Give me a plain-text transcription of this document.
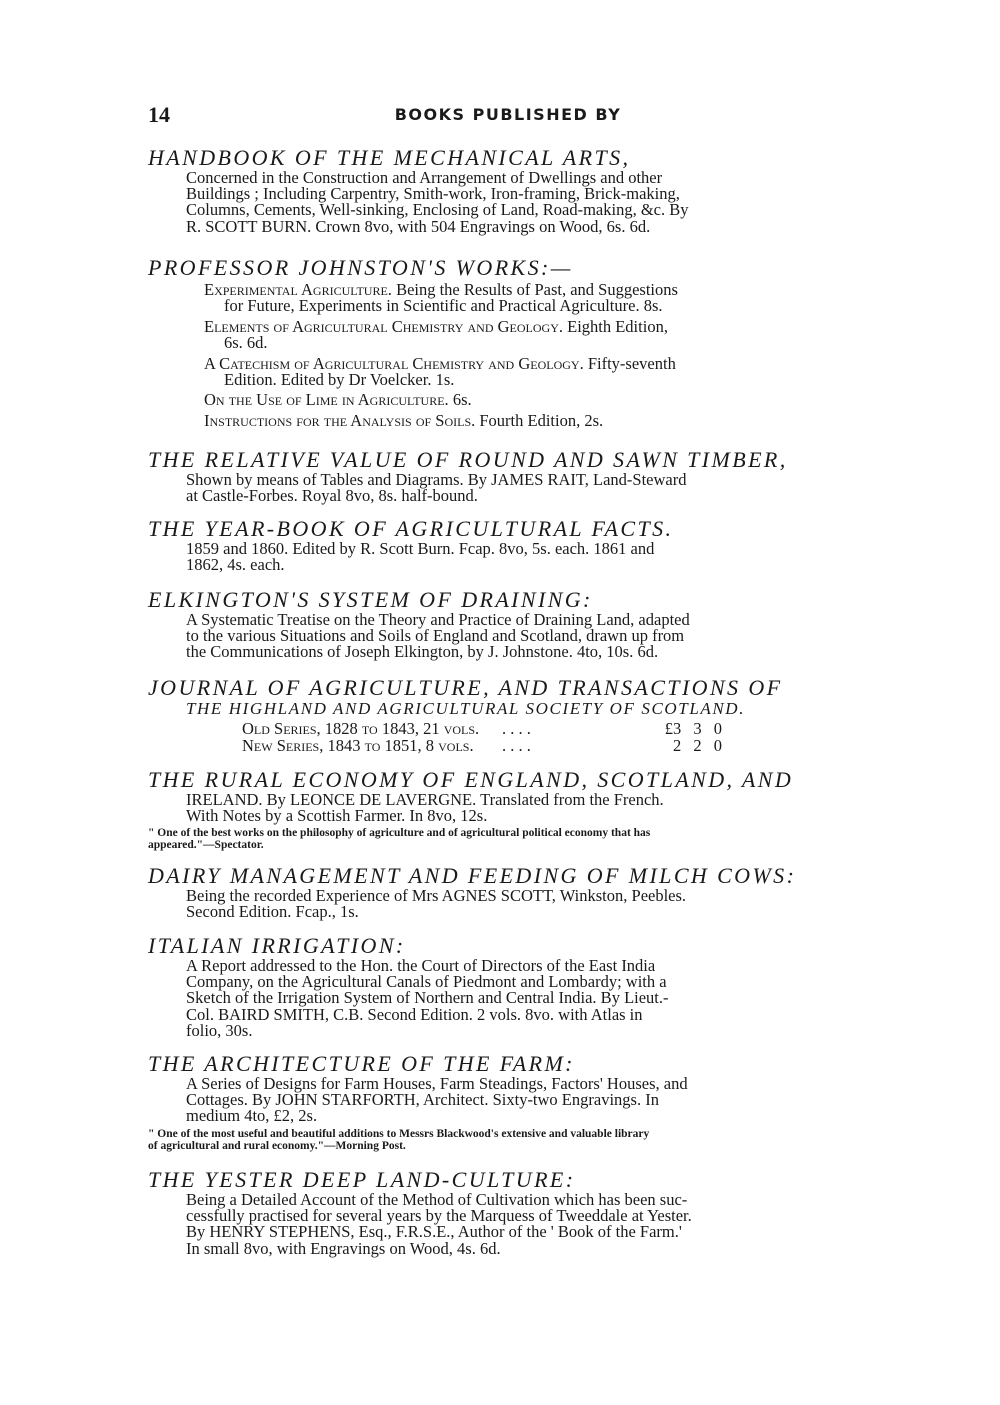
14	BOOKS PUBLISHED BY
HANDBOOK OF THE MECHANICAL ARTS,
Concerned in the Construction and Arrangement of Dwellings and other
Buildings ; Including Carpentry, Smith-work, Iron-framing, Brick-making,
Columns, Cements, Well-sinking, Enclosing of Land, Road-making, &c. By
R. SCOTT BURN. Crown 8vo, with 504 Engravings on Wood, 6s. 6d.
PROFESSOR JOHNSTON'S WORKS:—
Experimental Agriculture. Being the Results of Past, and Suggestions
for Future, Experiments in Scientific and Practical Agriculture. 8s.
Elements of Agricultural Chemistry and Geology. Eighth Edition,
6s. 6d.
A Catechism of Agricultural Chemistry and Geology. Fifty-seventh
Edition. Edited by Dr Voelcker. 1s.
On the Use of Lime in Agriculture. 6s.
Instructions for the Analysis of Soils. Fourth Edition, 2s.
THE RELATIVE VALUE OF ROUND AND SAWN TIMBER,
Shown by means of Tables and Diagrams. By JAMES RAIT, Land-Steward
at Castle-Forbes. Royal 8vo, 8s. half-bound.
THE YEAR-BOOK OF AGRICULTURAL FACTS.
1859 and 1860. Edited by R. Scott Burn. Fcap. 8vo, 5s. each. 1861 and
1862, 4s. each.
ELKINGTON'S SYSTEM OF DRAINING:
A Systematic Treatise on the Theory and Practice of Draining Land, adapted
to the various Situations and Soils of England and Scotland, drawn up from
the Communications of Joseph Elkington, by J. Johnstone. 4to, 10s. 6d.
JOURNAL OF AGRICULTURE, AND TRANSACTIONS OF
THE HIGHLAND AND AGRICULTURAL SOCIETY OF SCOTLAND.
Old Series, 1828 to 1843, 21 vols. . . . .	£3 3 0
New Series, 1843 to 1851, 8 vols. . . . .	2 2 0
THE RURAL ECONOMY OF ENGLAND, SCOTLAND, AND
IRELAND. By LEONCE DE LAVERGNE. Translated from the French.
With Notes by a Scottish Farmer. In 8vo, 12s.
" One of the best works on the philosophy of agriculture and of agricultural political economy that has
appeared."—Spectator.
DAIRY MANAGEMENT AND FEEDING OF MILCH COWS:
Being the recorded Experience of Mrs AGNES SCOTT, Winkston, Peebles.
Second Edition. Fcap., 1s.
ITALIAN IRRIGATION:
A Report addressed to the Hon. the Court of Directors of the East India
Company, on the Agricultural Canals of Piedmont and Lombardy; with a
Sketch of the Irrigation System of Northern and Central India. By Lieut.-
Col. BAIRD SMITH, C.B. Second Edition. 2 vols. 8vo. with Atlas in
folio, 30s.
THE ARCHITECTURE OF THE FARM:
A Series of Designs for Farm Houses, Farm Steadings, Factors' Houses, and
Cottages. By JOHN STARFORTH, Architect. Sixty-two Engravings. In
medium 4to, £2, 2s.
" One of the most useful and beautiful additions to Messrs Blackwood's extensive and valuable library
of agricultural and rural economy."—Morning Post.
THE YESTER DEEP LAND-CULTURE:
Being a Detailed Account of the Method of Cultivation which has been suc-
cessfully practised for several years by the Marquess of Tweeddale at Yester.
By HENRY STEPHENS, Esq., F.R.S.E., Author of the ' Book of the Farm.'
In small 8vo, with Engravings on Wood, 4s. 6d.
